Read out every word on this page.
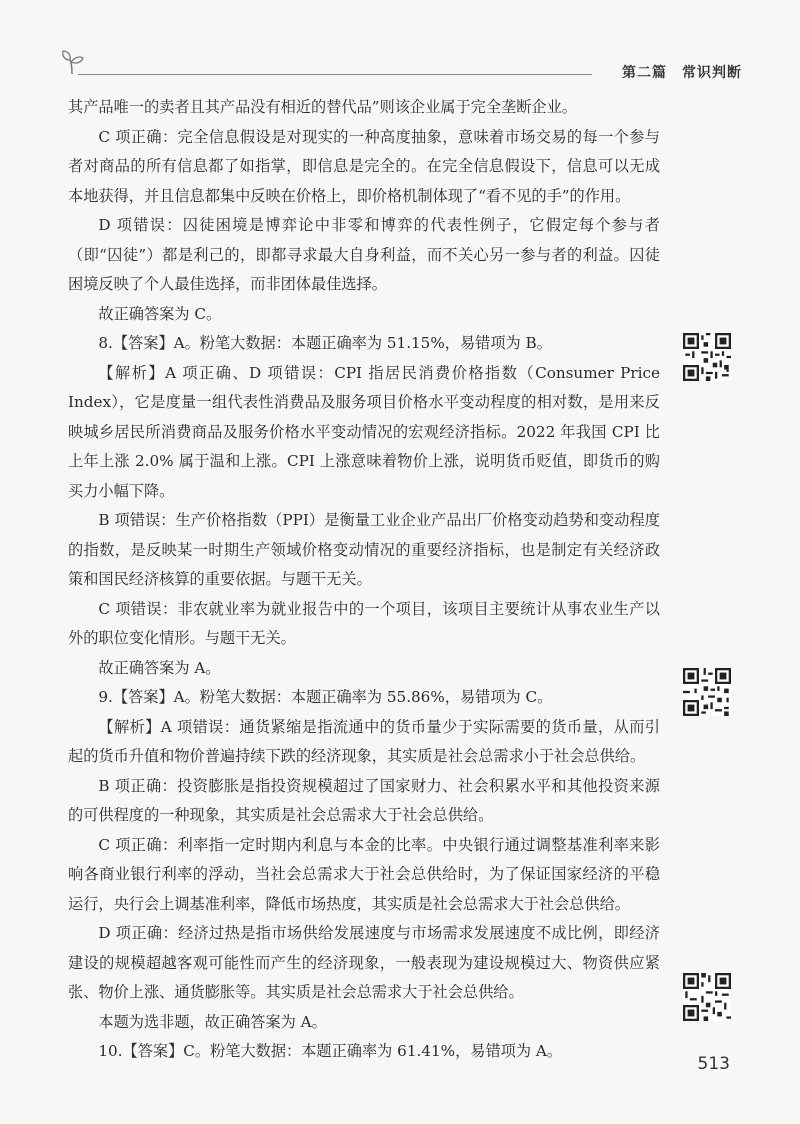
第二篇　常识判断

其产品唯一的卖者且其产品没有相近的替代品”则该企业属于完全垄断企业。

C 项正确：完全信息假设是对现实的一种高度抽象，意味着市场交易的每一个参与者对商品的所有信息都了如指掌，即信息是完全的。在完全信息假设下，信息可以无成本地获得，并且信息都集中反映在价格上，即价格机制体现了“看不见的手”的作用。

D 项错误：囚徒困境是博弈论中非零和博弈的代表性例子，它假定每个参与者（即“囚徒”）都是利己的，即都寻求最大自身利益，而不关心另一参与者的利益。囚徒困境反映了个人最佳选择，而非团体最佳选择。

故正确答案为 C。

8.【答案】A。粉笔大数据：本题正确率为 51.15%，易错项为 B。

【解析】A 项正确、D 项错误：CPI 指居民消费价格指数（Consumer Price Index），它是度量一组代表性消费品及服务项目价格水平变动程度的相对数，是用来反映城乡居民所消费商品及服务价格水平变动情况的宏观经济指标。2022 年我国 CPI 比上年上涨 2.0% 属于温和上涨。CPI 上涨意味着物价上涨，说明货币贬值，即货币的购买力小幅下降。

B 项错误：生产价格指数（PPI）是衡量工业企业产品出厂价格变动趋势和变动程度的指数，是反映某一时期生产领域价格变动情况的重要经济指标，也是制定有关经济政策和国民经济核算的重要依据。与题干无关。

C 项错误：非农就业率为就业报告中的一个项目，该项目主要统计从事农业生产以外的职位变化情形。与题干无关。

故正确答案为 A。

9.【答案】A。粉笔大数据：本题正确率为 55.86%，易错项为 C。

【解析】A 项错误：通货紧缩是指流通中的货币量少于实际需要的货币量，从而引起的货币升值和物价普遍持续下跌的经济现象，其实质是社会总需求小于社会总供给。

B 项正确：投资膨胀是指投资规模超过了国家财力、社会积累水平和其他投资来源的可供程度的一种现象，其实质是社会总需求大于社会总供给。

C 项正确：利率指一定时期内利息与本金的比率。中央银行通过调整基准利率来影响各商业银行利率的浮动，当社会总需求大于社会总供给时，为了保证国家经济的平稳运行，央行会上调基准利率，降低市场热度，其实质是社会总需求大于社会总供给。

D 项正确：经济过热是指市场供给发展速度与市场需求发展速度不成比例，即经济建设的规模超越客观可能性而产生的经济现象，一般表现为建设规模过大、物资供应紧张、物价上涨、通货膨胀等。其实质是社会总需求大于社会总供给。

本题为选非题，故正确答案为 A。

10.【答案】C。粉笔大数据：本题正确率为 61.41%，易错项为 A。

513
